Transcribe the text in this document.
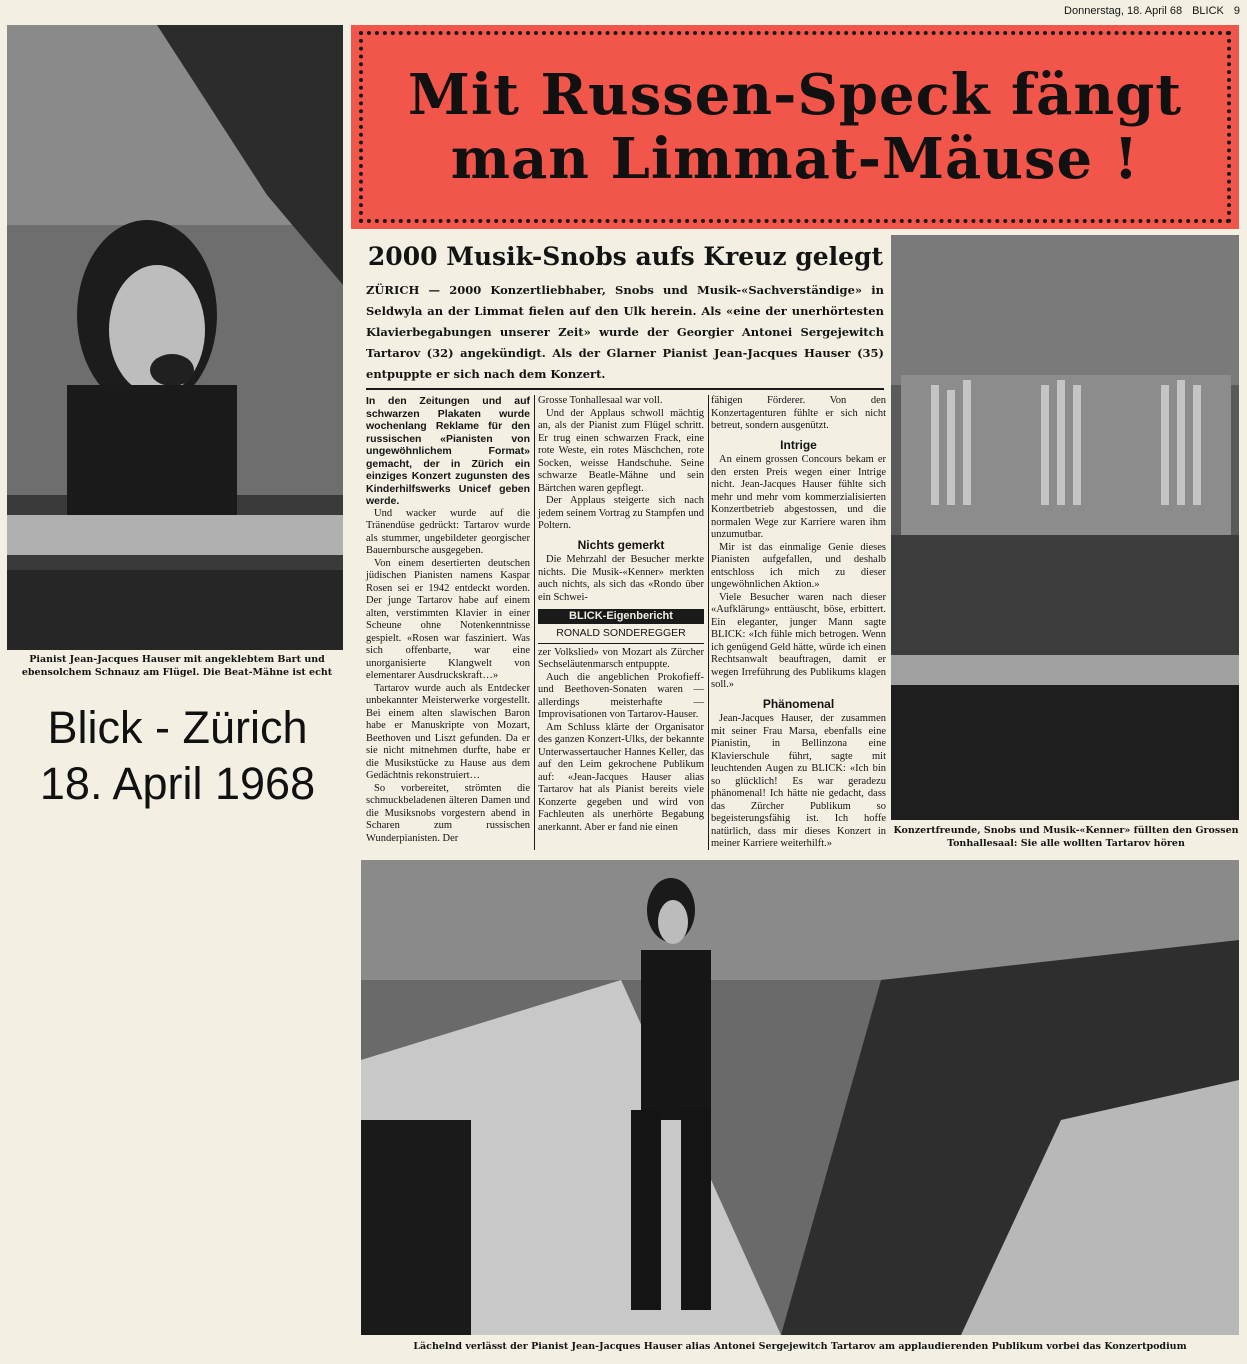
Donnerstag, 18. April 68 BLICK 9
Pianist Jean-Jacques Hauser mit angeklebtem Bart und ebensolchem Schnauz am Flügel. Die Beat-Mähne ist echt
Blick - Zürich
18. April 1968
Mit Russen-Speck fängt
man Limmat-Mäuse !
2000 Musik-Snobs aufs Kreuz gelegt
ZÜRICH — 2000 Konzertliebhaber, Snobs und Musik-«Sachverständige» in Seldwyla an der Limmat fielen auf den Ulk herein. Als «eine der unerhörtesten Klavierbegabungen unserer Zeit» wurde der Georgier Antonei Sergejewitch Tartarov (32) angekündigt. Als der Glarner Pianist Jean-Jacques Hauser (35) entpuppte er sich nach dem Konzert.

In den Zeitungen und auf schwarzen Plakaten wurde wochenlang Reklame für den russischen «Pianisten von ungewöhnlichem Format» gemacht, der in Zürich ein einziges Konzert zugunsten des Kinderhilfswerks Unicef geben werde.

Und wacker wurde auf die Tränendüse gedrückt: Tartarov wurde als stummer, ungebildeter georgischer Bauernbursche ausgegeben.

Von einem desertierten deutschen jüdischen Pianisten namens Kaspar Rosen sei er 1942 entdeckt worden. Der junge Tartarov habe auf einem alten, verstimmten Klavier in einer Scheune ohne Notenkenntnisse gespielt. «Rosen war fasziniert. Was sich offenbarte, war eine unorganisierte Klangwelt von elementarer Ausdruckskraft…»

Tartarov wurde auch als Entdecker unbekannter Meisterwerke vorgestellt. Bei einem alten slawischen Baron habe er Manuskripte von Mozart, Beethoven und Liszt gefunden. Da er sie nicht mitnehmen durfte, habe er die Musikstücke zu Hause aus dem Gedächtnis rekonstruiert…

So vorbereitet, strömten die schmuckbeladenen älteren Damen und die Musiksnobs vorgestern abend in Scharen zum russischen Wunderpianisten. Der

Grosse Tonhallesaal war voll.

Und der Applaus schwoll mächtig an, als der Pianist zum Flügel schritt. Er trug einen schwarzen Frack, eine rote Weste, ein rotes Mäschchen, rote Socken, weisse Handschuhe. Seine schwarze Beatle-Mähne und sein Bärtchen waren gepflegt.

Der Applaus steigerte sich nach jedem seinem Vortrag zu Stampfen und Poltern.

Nichts gemerkt

Die Mehrzahl der Besucher merkte nichts. Die Musik-«Kenner» merkten auch nichts, als sich das «Rondo über ein Schwei-

BLICK-Eigenbericht
RONALD SONDEREGGER

zer Volkslied» von Mozart als Zürcher Sechseläutenmarsch entpuppte.

Auch die angeblichen Prokofieff- und Beethoven-Sonaten waren — allerdings meisterhafte — Improvisationen von Tartarov-Hauser.

Am Schluss klärte der Organisator des ganzen Konzert-Ulks, der bekannte Unterwassertaucher Hannes Keller, das auf den Leim gekrochene Publikum auf: «Jean-Jacques Hauser alias Tartarov hat als Pianist bereits viele Konzerte gegeben und wird von Fachleuten als unerhörte Begabung anerkannt. Aber er fand nie einen

fähigen Förderer. Von den Konzertagenturen fühlte er sich nicht betreut, sondern ausgenützt.

Intrige

An einem grossen Concours bekam er den ersten Preis wegen einer Intrige nicht. Jean-Jacques Hauser fühlte sich mehr und mehr vom kommerzialisierten Konzertbetrieb abgestossen, und die normalen Wege zur Karriere waren ihm unzumutbar.

Mir ist das einmalige Genie dieses Pianisten aufgefallen, und deshalb entschloss ich mich zu dieser ungewöhnlichen Aktion.»

Viele Besucher waren nach dieser «Aufklärung» enttäuscht, böse, erbittert. Ein eleganter, junger Mann sagte BLICK: «Ich fühle mich betrogen. Wenn ich genügend Geld hätte, würde ich einen Rechtsanwalt beauftragen, damit er wegen Irreführung des Publikums klagen soll.»

Phänomenal

Jean-Jacques Hauser, der zusammen mit seiner Frau Marsa, ebenfalls eine Pianistin, in Bellinzona eine Klavierschule führt, sagte mit leuchtenden Augen zu BLICK: «Ich bin so glücklich! Es war geradezu phänomenal! Ich hätte nie gedacht, dass das Zürcher Publikum so begeisterungsfähig ist. Ich hoffe natürlich, dass mir dieses Konzert in meiner Karriere weiterhilft.»

Konzertfreunde, Snobs und Musik-«Kenner» füllten den Grossen Tonhallesaal: Sie alle wollten Tartarov hören
Lächelnd verlässt der Pianist Jean-Jacques Hauser alias Antonei Sergejewitch Tartarov am applaudierenden Publikum vorbei das Konzertpodium
